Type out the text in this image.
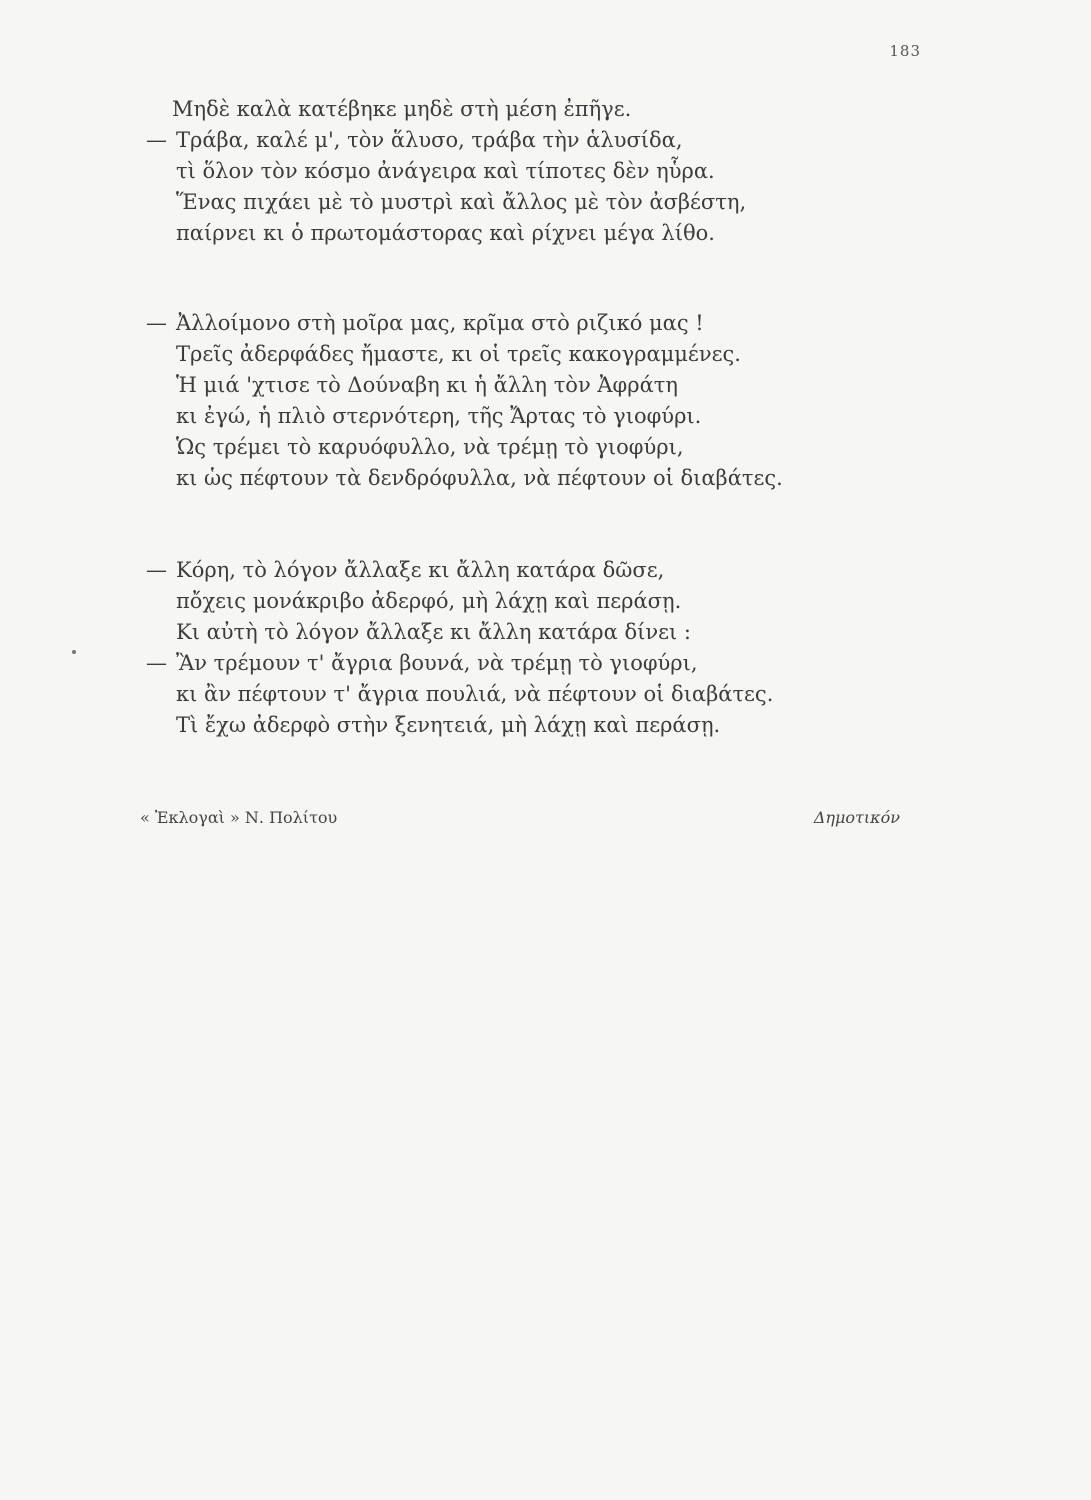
183
Μηδὲ καλὰ κατέβηκε μηδὲ στὴ μέση ἐπῆγε.
— Τράβα, καλέ μ', τὸν ἅλυσο, τράβα τὴν ἁλυσίδα,
τὶ ὅλον τὸν κόσμο ἀνάγειρα καὶ τίποτες δὲν ηὗρα.
Ἕνας πιχάει μὲ τὸ μυστρὶ καὶ ἄλλος μὲ τὸν ἀσβέστη,
παίρνει κι ὁ πρωτομάστορας καὶ ρίχνει μέγα λίθο.
— Ἀλλοίμονο στὴ μοῖρα μας, κρῖμα στὸ ριζικό μας !
Τρεῖς ἀδερφάδες ἤμαστε, κι οἱ τρεῖς κακογραμμένες.
Ἡ μιά 'χτισε τὸ Δούναβη κι ἡ ἄλλη τὸν Ἀφράτη
κι ἐγώ, ἡ πλιὸ στερνότερη, τῆς Ἄρτας τὸ γιοφύρι.
Ὡς τρέμει τὸ καρυόφυλλο, νὰ τρέμῃ τὸ γιοφύρι,
κι ὡς πέφτουν τὰ δενδρόφυλλα, νὰ πέφτουν οἱ διαβάτες.
— Κόρη, τὸ λόγον ἄλλαξε κι ἄλλη κατάρα δῶσε,
πὄχεις μονάκριβο ἀδερφό, μὴ λάχῃ καὶ περάσῃ.
Κι αὐτὴ τὸ λόγον ἄλλαξε κι ἄλλη κατάρα δίνει :
— Ἂν τρέμουν τ' ἄγρια βουνά, νὰ τρέμῃ τὸ γιοφύρι,
κι ἂν πέφτουν τ' ἄγρια πουλιά, νὰ πέφτουν οἱ διαβάτες.
Τὶ ἔχω ἀδερφὸ στὴν ξενητειά, μὴ λάχῃ καὶ περάσῃ.
« Ἐκλογαὶ » Ν. Πολίτου	Δημοτικόν
